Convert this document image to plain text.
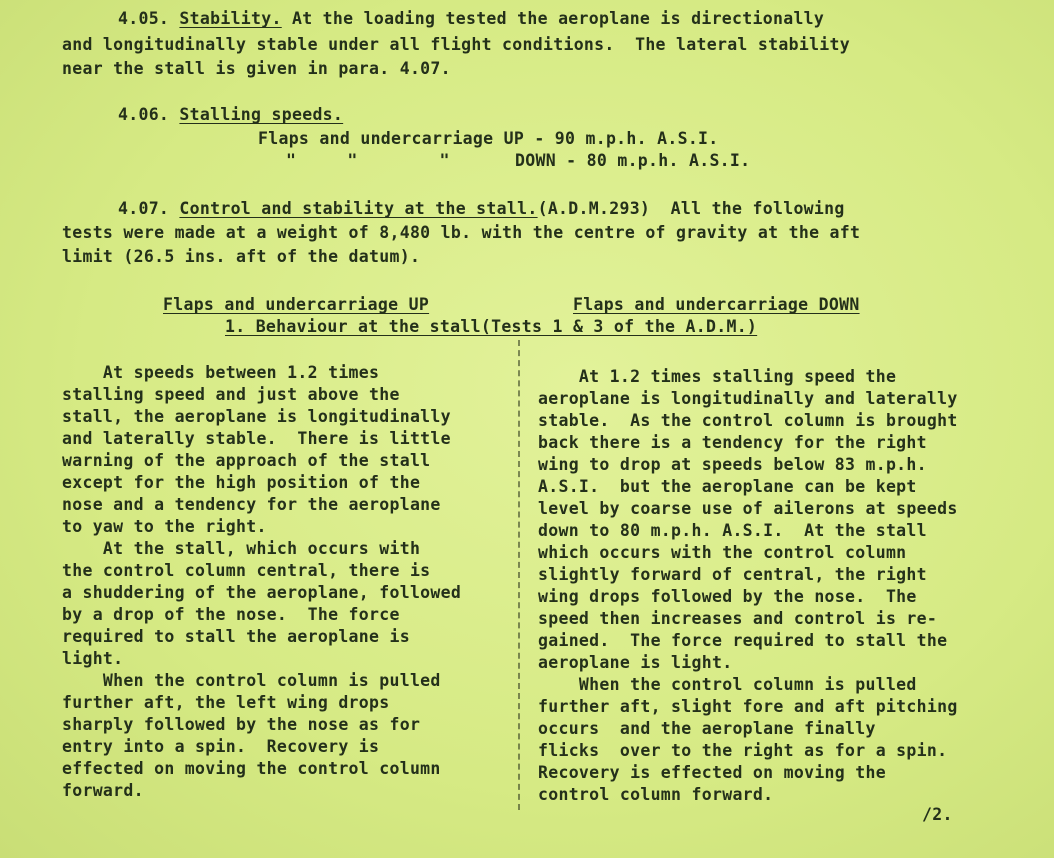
4.05. Stability. At the loading tested the aeroplane is directionally
and longitudinally stable under all flight conditions.  The lateral stability
near the stall is given in para. 4.07.
4.06. Stalling speeds.
Flaps and undercarriage UP - 90 m.p.h. A.S.I.
"     "        "	DOWN - 80 m.p.h. A.S.I.
4.07. Control and stability at the stall.(A.D.M.293) All the following
tests were made at a weight of 8,480 lb. with the centre of gravity at the aft
limit (26.5 ins. aft of the datum).
Flaps and undercarriage UP	Flaps and undercarriage DOWN
1. Behaviour at the stall(Tests 1 & 3 of the A.D.M.)
At speeds between 1.2 times
stalling speed and just above the
stall, the aeroplane is longitudinally
and laterally stable.  There is little
warning of the approach of the stall
except for the high position of the
nose and a tendency for the aeroplane
to yaw to the right.
At the stall, which occurs with
the control column central, there is
a shuddering of the aeroplane, followed
by a drop of the nose.  The force
required to stall the aeroplane is
light.
When the control column is pulled
further aft, the left wing drops
sharply followed by the nose as for
entry into a spin.  Recovery is
effected on moving the control column
forward.
At 1.2 times stalling speed the
aeroplane is longitudinally and laterally
stable.  As the control column is brought
back there is a tendency for the right
wing to drop at speeds below 83 m.p.h.
A.S.I.  but the aeroplane can be kept
level by coarse use of ailerons at speeds
down to 80 m.p.h. A.S.I.  At the stall
which occurs with the control column
slightly forward of central, the right
wing drops followed by the nose.  The
speed then increases and control is re-
gained.  The force required to stall the
aeroplane is light.
When the control column is pulled
further aft, slight fore and aft pitching
occurs  and the aeroplane finally
flicks  over to the right as for a spin.
Recovery is effected on moving the
control column forward.
/2.
